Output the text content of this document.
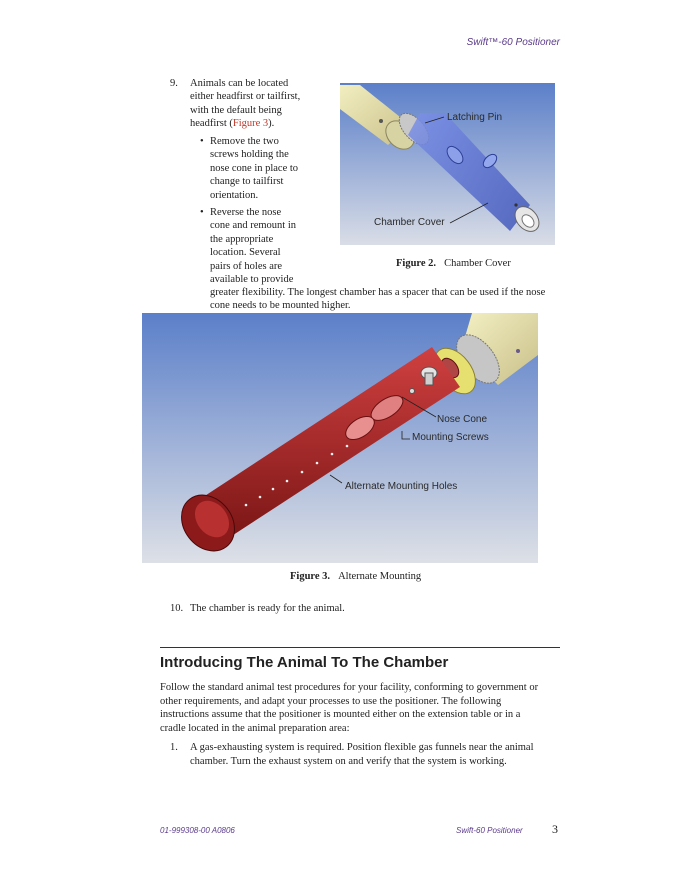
Swift™-60 Positioner
9. Animals can be located
either headfirst or tailfirst,
with the default being
headfirst (Figure 3).
• Remove the two
screws holding the
nose cone in place to
change to tailfirst
orientation.
• Reverse the nose
cone and remount in
the appropriate
location. Several
pairs of holes are
available to provide
greater flexibility. The longest chamber has a spacer that can be used if the nose
cone needs to be mounted higher.
Latching Pin
Chamber Cover
Figure 2. Chamber Cover
Nose Cone
Mounting Screws
Alternate Mounting Holes
Figure 3. Alternate Mounting
10. The chamber is ready for the animal.
Introducing The Animal To The Chamber
Follow the standard animal test procedures for your facility, conforming to government or
other requirements, and adapt your processes to use the positioner. The following
instructions assume that the positioner is mounted either on the extension table or in a
cradle located in the animal preparation area:
1. A gas-exhausting system is required. Position flexible gas funnels near the animal
chamber. Turn the exhaust system on and verify that the system is working.
01-999308-00 A0806	Swift-60 Positioner 3
